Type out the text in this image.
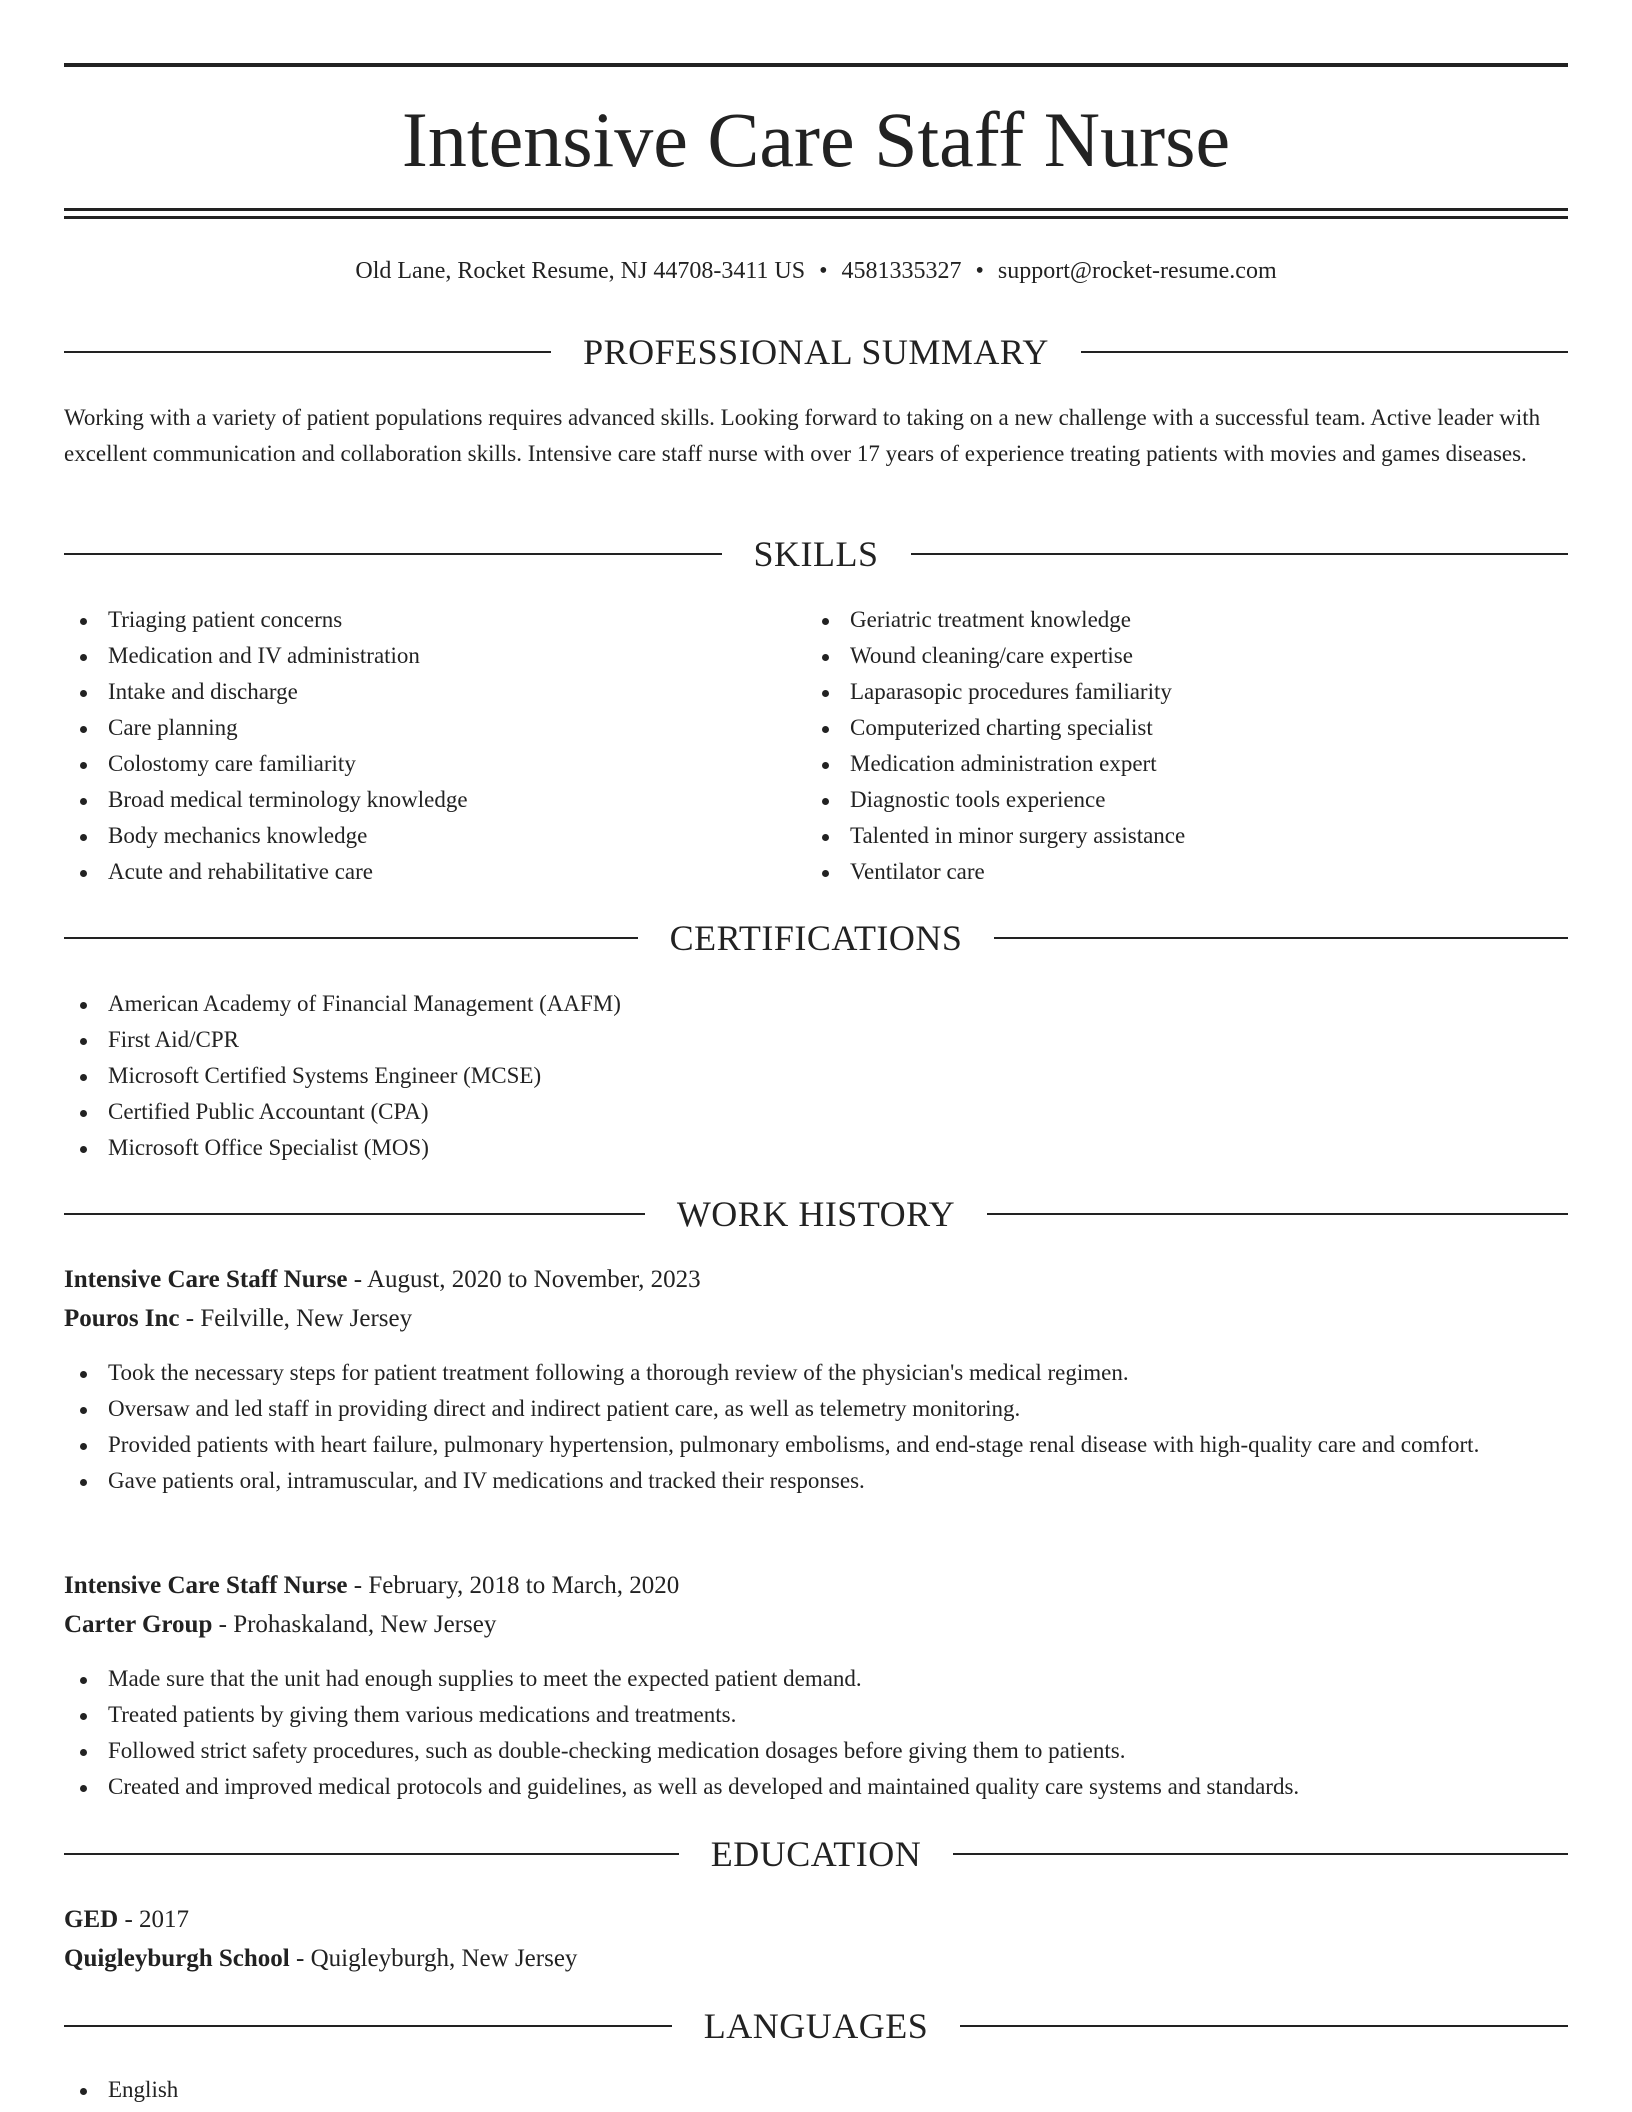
Intensive Care Staff Nurse
Old Lane, Rocket Resume, NJ 44708-3411 US • 4581335327 • support@rocket-resume.com
PROFESSIONAL SUMMARY

Working with a variety of patient populations requires advanced skills. Looking forward to taking on a new challenge with a successful team. Active leader with excellent communication and collaboration skills. Intensive care staff nurse with over 17 years of experience treating patients with movies and games diseases.

SKILLS
Triaging patient concerns
Medication and IV administration
Intake and discharge
Care planning
Colostomy care familiarity
Broad medical terminology knowledge
Body mechanics knowledge
Acute and rehabilitative care
Geriatric treatment knowledge
Wound cleaning/care expertise
Laparasopic procedures familiarity
Computerized charting specialist
Medication administration expert
Diagnostic tools experience
Talented in minor surgery assistance
Ventilator care
CERTIFICATIONS
American Academy of Financial Management (AAFM)
First Aid/CPR
Microsoft Certified Systems Engineer (MCSE)
Certified Public Accountant (CPA)
Microsoft Office Specialist (MOS)
WORK HISTORY
Intensive Care Staff Nurse - August, 2020 to November, 2023
Pouros Inc - Feilville, New Jersey
Took the necessary steps for patient treatment following a thorough review of the physician's medical regimen.
Oversaw and led staff in providing direct and indirect patient care, as well as telemetry monitoring.
Provided patients with heart failure, pulmonary hypertension, pulmonary embolisms, and end-stage renal disease with high-quality care and comfort.
Gave patients oral, intramuscular, and IV medications and tracked their responses.
Intensive Care Staff Nurse - February, 2018 to March, 2020
Carter Group - Prohaskaland, New Jersey
Made sure that the unit had enough supplies to meet the expected patient demand.
Treated patients by giving them various medications and treatments.
Followed strict safety procedures, such as double-checking medication dosages before giving them to patients.
Created and improved medical protocols and guidelines, as well as developed and maintained quality care systems and standards.
EDUCATION
GED - 2017
Quigleyburgh School - Quigleyburgh, New Jersey
LANGUAGES
English
